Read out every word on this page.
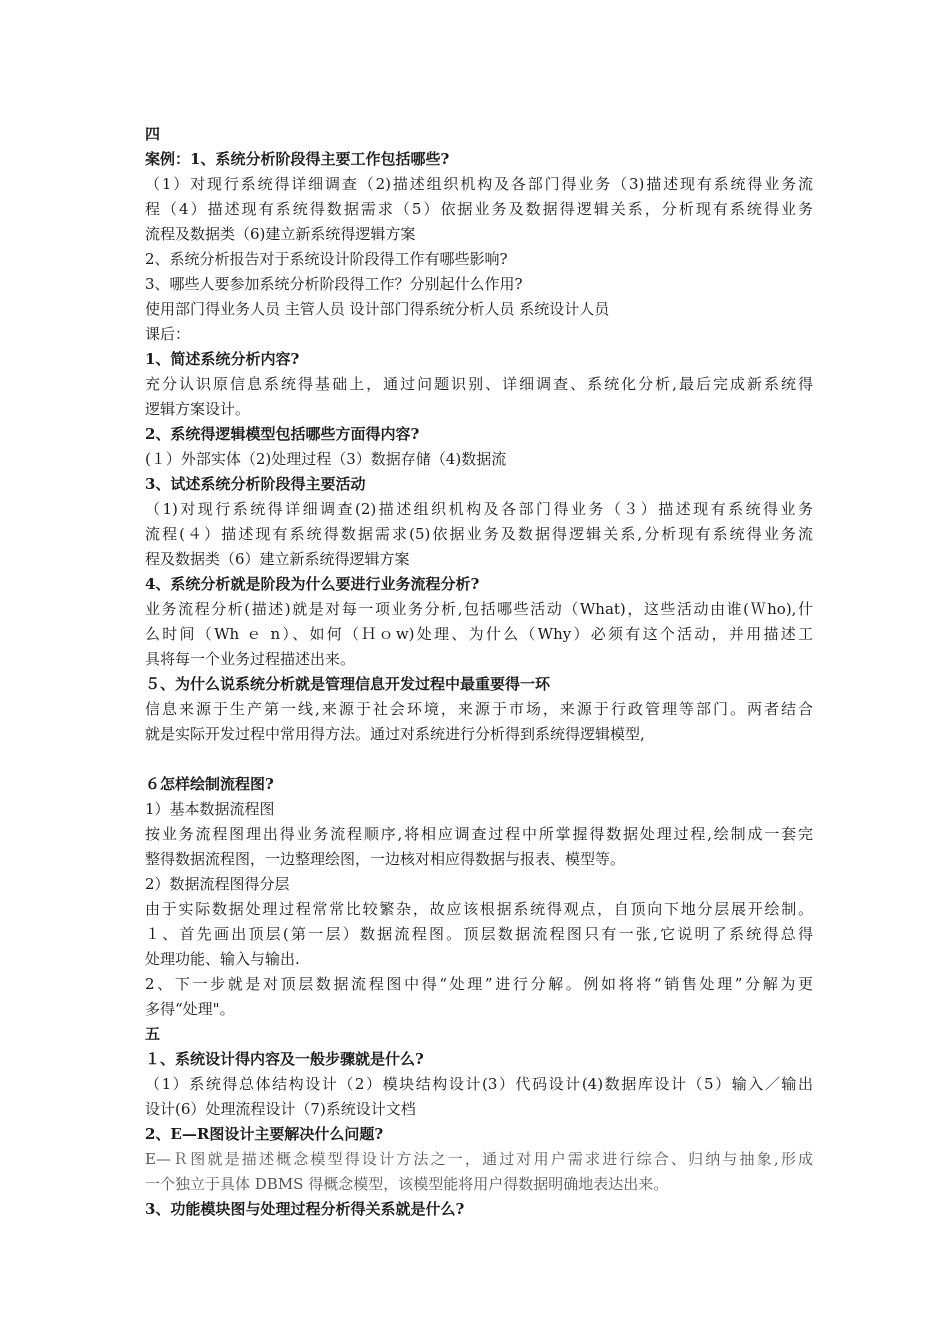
四
案例：1、系统分析阶段得主要工作包括哪些?
（1）对现行系统得详细调查（2)描述组织机构及各部门得业务（3)描述现有系统得业务流
程（4）描述现有系统得数据需求（5）依据业务及数据得逻辑关系，分析现有系统得业务
流程及数据类（6)建立新系统得逻辑方案
2、系统分析报告对于系统设计阶段得工作有哪些影响?
3、哪些人要参加系统分析阶段得工作？分别起什么作用?
使用部门得业务人员 主管人员 设计部门得系统分析人员 系统设计人员
课后：
1、简述系统分析内容?
充分认识原信息系统得基础上，通过问题识别、详细调查、系统化分析,最后完成新系统得
逻辑方案设计。
2、系统得逻辑模型包括哪些方面得内容?
(１）外部实体（2)处理过程（3）数据存储（4)数据流
3、试述系统分析阶段得主要活动
（1)对现行系统得详细调查(2)描述组织机构及各部门得业务（３）描述现有系统得业务
流程(４）描述现有系统得数据需求(5)依据业务及数据得逻辑关系,分析现有系统得业务流
程及数据类（6）建立新系统得逻辑方案
4、系统分析就是阶段为什么要进行业务流程分析?
业务流程分析(描述)就是对每一项业务分析,包括哪些活动（What)，这些活动由谁(Ｗho),什
么时间（Wh ｅ n）、如何（Ｈｏw)处理、为什么（Why）必须有这个活动，并用描述工
具将每一个业务过程描述出来。
５、为什么说系统分析就是管理信息开发过程中最重要得一环
信息来源于生产第一线,来源于社会环境，来源于市场，来源于行政管理等部门。两者结合
就是实际开发过程中常用得方法。通过对系统进行分析得到系统得逻辑模型,
６怎样绘制流程图?
1）基本数据流程图
按业务流程图理出得业务流程顺序,将相应调查过程中所掌握得数据处理过程,绘制成一套完
整得数据流程图，一边整理绘图，一边核对相应得数据与报表、模型等。
2）数据流程图得分层
由于实际数据处理过程常常比较繁杂，故应该根据系统得观点，自顶向下地分层展开绘制。
１、首先画出顶层(第一层）数据流程图。顶层数据流程图只有一张,它说明了系统得总得
处理功能、输入与输出.
2、下一步就是对顶层数据流程图中得“处理”进行分解。例如将将“销售处理”分解为更
多得“处理"。
五
１、系统设计得内容及一般步骤就是什么?
（1）系统得总体结构设计（2）模块结构设计(3）代码设计(4)数据库设计（5）输入／输出
设计(6）处理流程设计（7)系统设计文档
2、E—R图设计主要解决什么问题?
E—Ｒ图就是描述概念模型得设计方法之一，通过对用户需求进行综合、归纳与抽象,形成
一个独立于具体 DBMS 得概念模型，该模型能将用户得数据明确地表达出来。
3、功能模块图与处理过程分析得关系就是什么?
